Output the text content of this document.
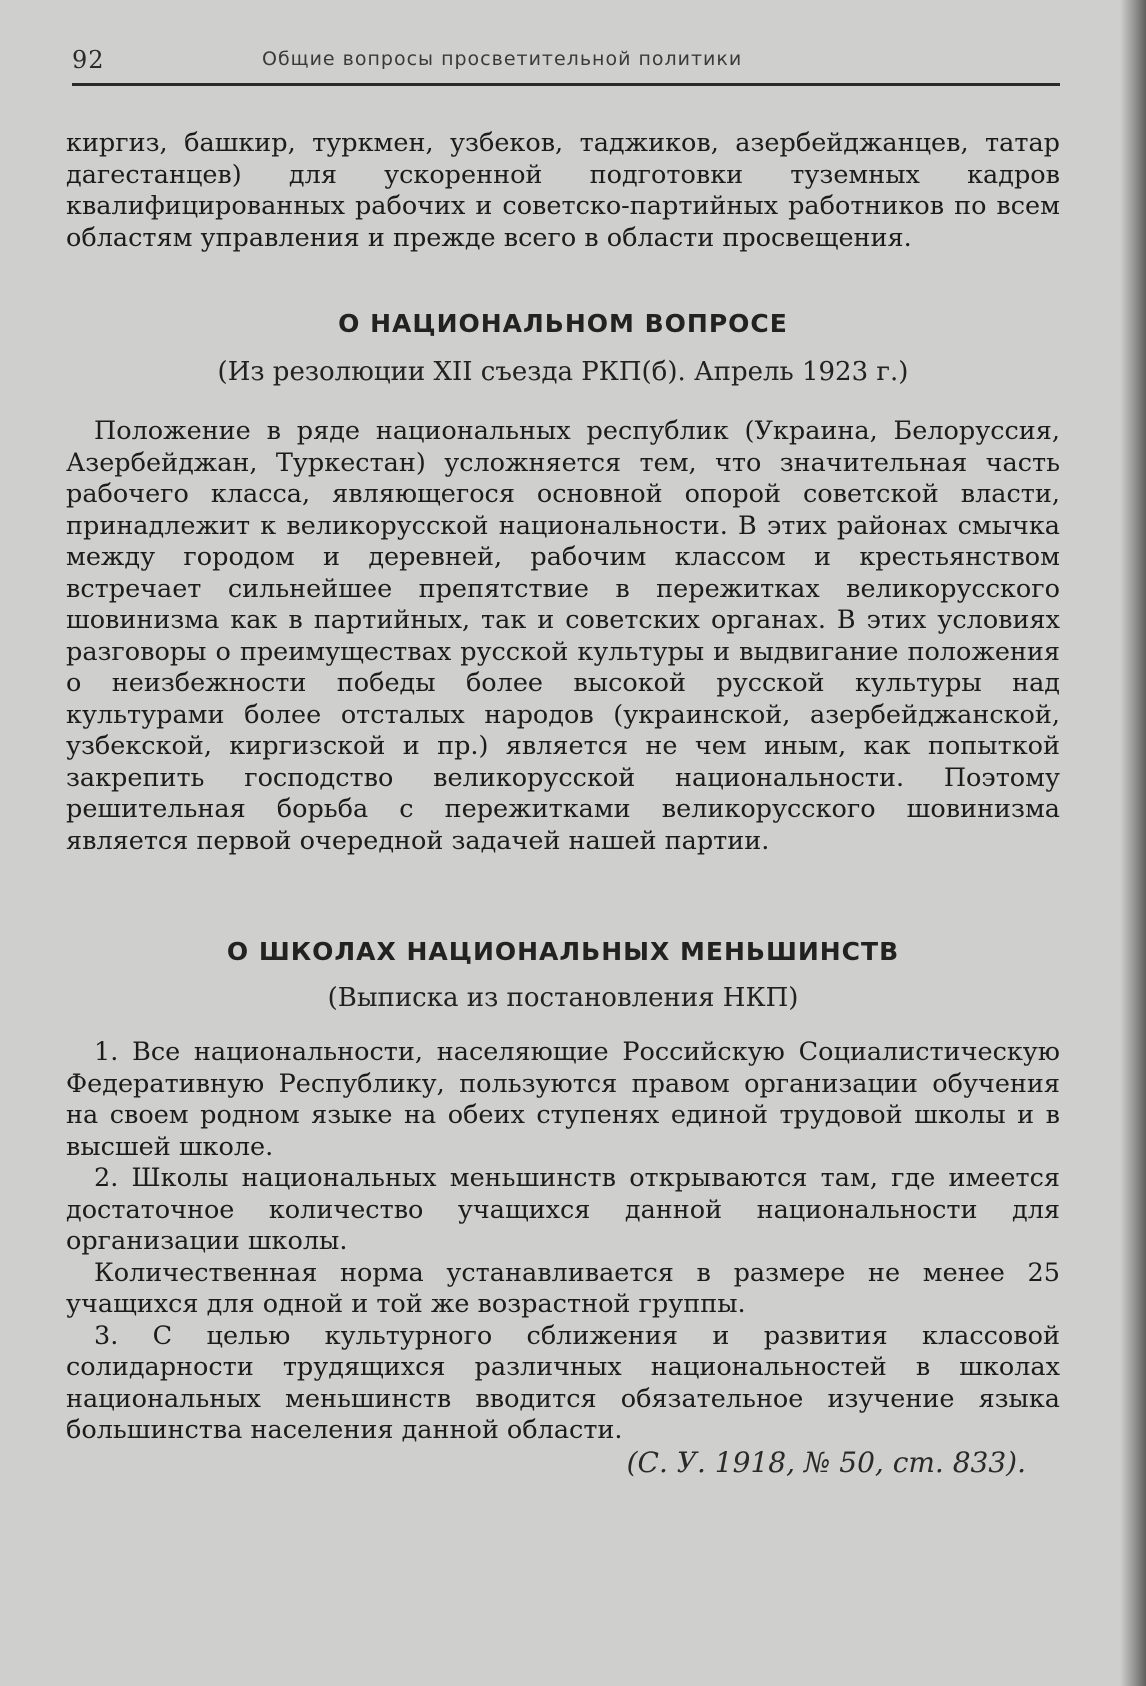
92	Общие вопросы просветительной политики

киргиз, башкир, туркмен, узбеков, таджиков, азербейджанцев, татар дагестанцев) для ускоренной подготовки туземных кадров квалифицированных рабочих и советско-партийных работников по всем областям управления и прежде всего в области просвещения.

О НАЦИОНАЛЬНОМ ВОПРОСЕ
(Из резолюции XII съезда РКП(б). Апрель 1923 г.)

Положение в ряде национальных республик (Украина, Белоруссия, Азербейджан, Туркестан) усложняется тем, что значительная часть рабочего класса, являющегося основной опорой советской власти, принадлежит к великорусской национальности. В этих районах смычка между городом и деревней, рабочим классом и крестьянством встречает сильнейшее препятствие в пережитках великорусского шовинизма как в партийных, так и советских органах. В этих условиях разговоры о преимуществах русской культуры и выдвигание положения о неизбежности победы более высокой русской культуры над культурами более отсталых народов (украинской, азербейджанской, узбекской, киргизской и пр.) является не чем иным, как попыткой закрепить господство великорусской национальности. Поэтому решительная борьба с пережитками великорусского шовинизма является первой очередной задачей нашей партии.

О ШКОЛАХ НАЦИОНАЛЬНЫХ МЕНЬШИНСТВ
(Выписка из постановления НКП)

1. Все национальности, населяющие Российскую Социалистическую Федеративную Республику, пользуются правом организации обучения на своем родном языке на обеих ступенях единой трудовой школы и в высшей школе.

2. Школы национальных меньшинств открываются там, где имеется достаточное количество учащихся данной национальности для организации школы.

Количественная норма устанавливается в размере не менее 25 учащихся для одной и той же возрастной группы.

3. С целью культурного сближения и развития классовой солидарности трудящихся различных национальностей в школах национальных меньшинств вводится обязательное изучение языка большинства населения данной области.

(С. У. 1918, № 50, ст. 833).
